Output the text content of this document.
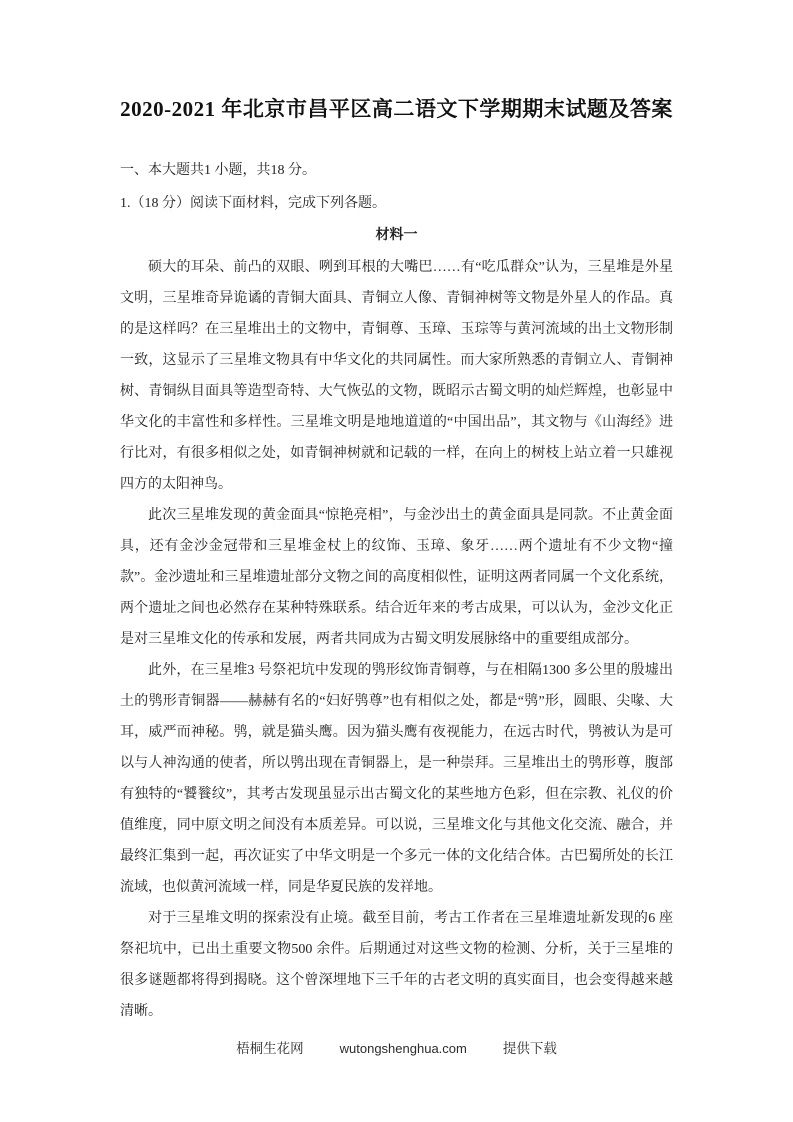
2020-2021 年北京市昌平区高二语文下学期期末试题及答案

一、本大题共1 小题，共18 分。

1.（18 分）阅读下面材料，完成下列各题。

材料一

硕大的耳朵、前凸的双眼、咧到耳根的大嘴巴……有“吃瓜群众”认为，三星堆是外星文明，三星堆奇异诡谲的青铜大面具、青铜立人像、青铜神树等文物是外星人的作品。真的是这样吗？在三星堆出土的文物中，青铜尊、玉璋、玉琮等与黄河流域的出土文物形制一致，这显示了三星堆文物具有中华文化的共同属性。而大家所熟悉的青铜立人、青铜神树、青铜纵目面具等造型奇特、大气恢弘的文物，既昭示古蜀文明的灿烂辉煌，也彰显中华文化的丰富性和多样性。三星堆文明是地地道道的“中国出品”，其文物与《山海经》进行比对，有很多相似之处，如青铜神树就和记载的一样，在向上的树枝上站立着一只雄视四方的太阳神鸟。

此次三星堆发现的黄金面具“惊艳亮相”，与金沙出土的黄金面具是同款。不止黄金面具，还有金沙金冠带和三星堆金杖上的纹饰、玉璋、象牙……两个遗址有不少文物“撞款”。金沙遗址和三星堆遗址部分文物之间的高度相似性，证明这两者同属一个文化系统，两个遗址之间也必然存在某种特殊联系。结合近年来的考古成果，可以认为，金沙文化正是对三星堆文化的传承和发展，两者共同成为古蜀文明发展脉络中的重要组成部分。

此外，在三星堆3 号祭祀坑中发现的鸮形纹饰青铜尊，与在相隔1300 多公里的殷墟出土的鸮形青铜器——赫赫有名的“妇好鸮尊”也有相似之处，都是“鸮”形，圆眼、尖喙、大耳，威严而神秘。鸮，就是猫头鹰。因为猫头鹰有夜视能力，在远古时代，鸮被认为是可以与人神沟通的使者，所以鸮出现在青铜器上，是一种崇拜。三星堆出土的鸮形尊，腹部有独特的“饕餮纹”，其考古发现虽显示出古蜀文化的某些地方色彩，但在宗教、礼仪的价值维度，同中原文明之间没有本质差异。可以说，三星堆文化与其他文化交流、融合，并最终汇集到一起，再次证实了中华文明是一个多元一体的文化结合体。古巴蜀所处的长江流域，也似黄河流域一样，同是华夏民族的发祥地。

对于三星堆文明的探索没有止境。截至目前，考古工作者在三星堆遗址新发现的6 座祭祀坑中，已出土重要文物500 余件。后期通过对这些文物的检测、分析，关于三星堆的很多谜题都将得到揭晓。这个曾深埋地下三千年的古老文明的真实面目，也会变得越来越清晰。

梧桐生花网	wutongshenghua.com	提供下载
